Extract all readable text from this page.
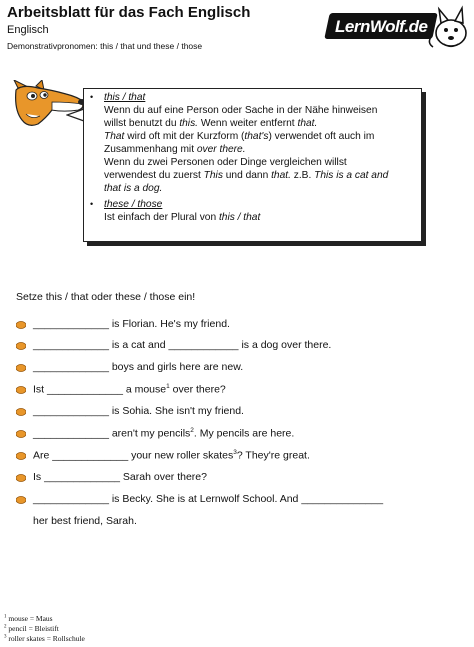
Arbeitsblatt für das Fach Englisch
Englisch
Demonstrativpronomen: this / that und these / those
LernWolf.de
• this / that
Wenn du auf eine Person oder Sache in der Nähe hinweisen
willst benutzt du this. Wenn weiter entfernt that.
That wird oft mit der Kurzform (that's) verwendet oft auch im
Zusammenhang mit over there.
Wenn du zwei Personen oder Dinge vergleichen willst
verwendest du zuerst This und dann that. z.B. This is a cat and
that is a dog.
• these / those
Ist einfach der Plural von this / that
Setze this / that oder these / those ein!
_____________ is Florian. He's my friend.
_____________ is a cat and ____________ is a dog over there.
_____________ boys and girls here are new.
Ist _____________ a mouse$^1$ over there?
_____________ is Sohia. She isn't my friend.
_____________ aren't my pencils$^2$. My pencils are here.
Are _____________ your new roller skates$^3$? They're great.
Is _____________ Sarah over there?
_____________ is Becky. She is at Lernwolf School. And ______________
her best friend, Sarah.
$^1$ mouse = Maus
$^2$ pencil = Bleistift
$^3$ roller skates = Rollschule
